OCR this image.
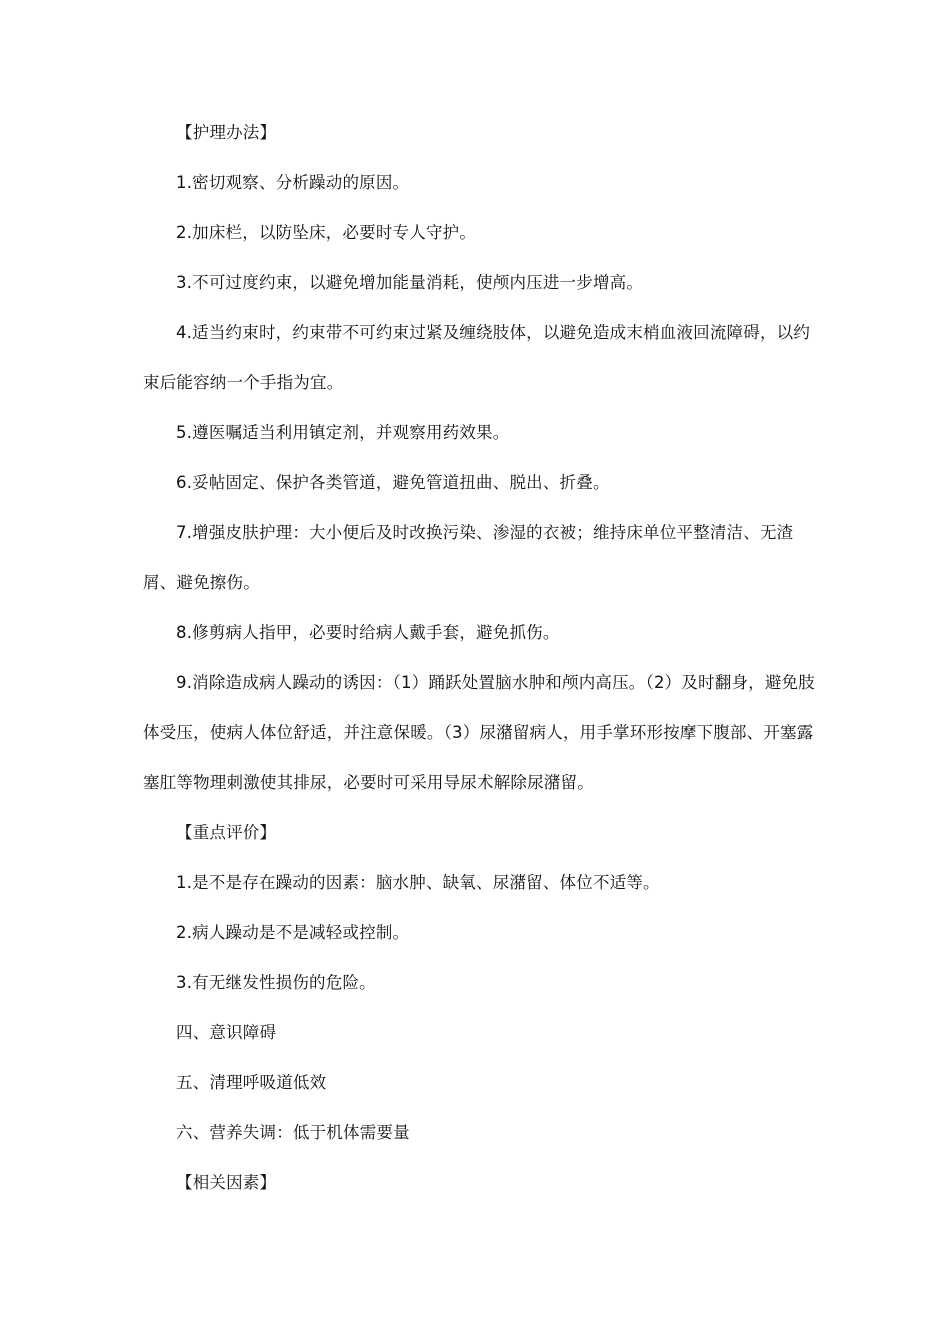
【护理办法】

1.密切观察、分析躁动的原因。

2.加床栏，以防坠床，必要时专人守护。

3.不可过度约束，以避免增加能量消耗，使颅内压进一步增高。

4.适当约束时，约束带不可约束过紧及缠绕肢体，以避免造成末梢血液回流障碍，以约束后能容纳一个手指为宜。

5.遵医嘱适当利用镇定剂，并观察用药效果。

6.妥帖固定、保护各类管道，避免管道扭曲、脱出、折叠。

7.增强皮肤护理：大小便后及时改换污染、渗湿的衣被；维持床单位平整清洁、无渣屑、避免擦伤。

8.修剪病人指甲，必要时给病人戴手套，避免抓伤。

9.消除造成病人躁动的诱因：（1）踊跃处置脑水肿和颅内高压。（2）及时翻身，避免肢体受压，使病人体位舒适，并注意保暖。（3）尿潴留病人，用手掌环形按摩下腹部、开塞露塞肛等物理刺激使其排尿，必要时可采用导尿术解除尿潴留。

【重点评价】

1.是不是存在躁动的因素：脑水肿、缺氧、尿潴留、体位不适等。

2.病人躁动是不是减轻或控制。

3.有无继发性损伤的危险。

四、意识障碍

五、清理呼吸道低效

六、营养失调：低于机体需要量

【相关因素】
